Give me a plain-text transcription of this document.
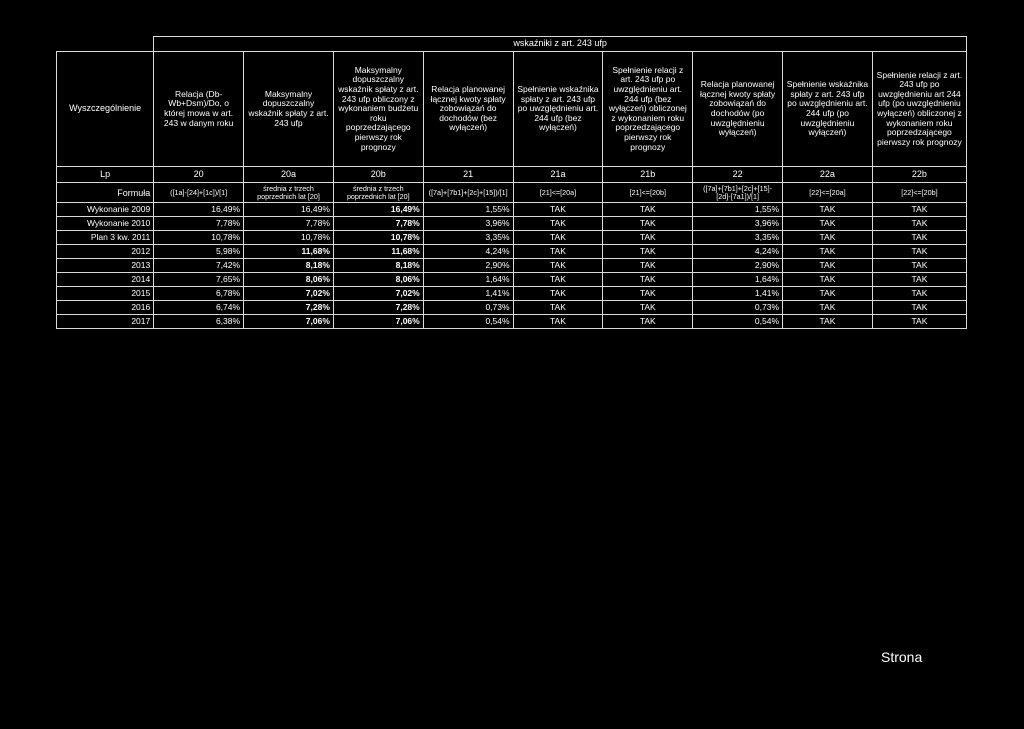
	wskaźniki z art. 243 ufp								
Wyszczególnienie	Relacja (Db-Wb+Dsm)/Do, o której mowa w art. 243 w danym roku	Maksymalny dopuszczalny wskaźnik spłaty z art. 243 ufp	Maksymalny dopuszczalny wskaźnik spłaty z art. 243 ufp obliczony z wykonaniem budżetu roku poprzedzającego pierwszy rok prognozy	Relacja planowanej łącznej kwoty spłaty zobowiązań do dochodów (bez wyłączeń)	Spełnienie wskaźnika spłaty z art. 243 ufp po uwzględnieniu art. 244 ufp (bez wyłączeń)	Spełnienie relacji z art. 243 ufp po uwzględnieniu art. 244 ufp (bez wyłączeń) obliczonej z wykonaniem roku poprzedzającego pierwszy rok prognozy	Relacja planowanej łącznej kwoty spłaty zobowiązań do dochodów (po uwzględnieniu wyłączeń)	Spełnienie wskaźnika spłaty z art. 243 ufp po uwzględnieniu art. 244 ufp (po uwzględnieniu wyłączeń)	Spełnienie relacji z art. 243 ufp po uwzględnieniu art 244 ufp (po uwzględnieniu wyłączeń) obliczonej z wykonaniem roku poprzedzającego pierwszy rok prognozy
Lp	20	20a	20b	21	21a	21b	22	22a	22b
Formuła	([1a]-[24]+[1c])/[1]	średnia z trzech poprzednich lat [20]	średnia z trzech poprzednich lat [20]	([7a]+[7b1]+[2c]+[15])/[1]	[21]<=[20a]	[21]<=[20b]	([7a]+[7b1]+[2c]+[15]-[2d]-[7a1])/[1]	[22]<=[20a]	[22]<=[20b]
Wykonanie 2009	16,49%	16,49%	16,49%	1,55%	TAK	TAK	1,55%	TAK	TAK
Wykonanie 2010	7,78%	7,78%	7,78%	3,96%	TAK	TAK	3,96%	TAK	TAK
Plan 3 kw. 2011	10,78%	10,78%	10,78%	3,35%	TAK	TAK	3,35%	TAK	TAK
2012	5,98%	11,68%	11,68%	4,24%	TAK	TAK	4,24%	TAK	TAK
2013	7,42%	8,18%	8,18%	2,90%	TAK	TAK	2,90%	TAK	TAK
2014	7,65%	8,06%	8,06%	1,64%	TAK	TAK	1,64%	TAK	TAK
2015	6,78%	7,02%	7,02%	1,41%	TAK	TAK	1,41%	TAK	TAK
2016	6,74%	7,28%	7,28%	0,73%	TAK	TAK	0,73%	TAK	TAK
2017	6,38%	7,06%	7,06%	0,54%	TAK	TAK	0,54%	TAK	TAK
Strona
